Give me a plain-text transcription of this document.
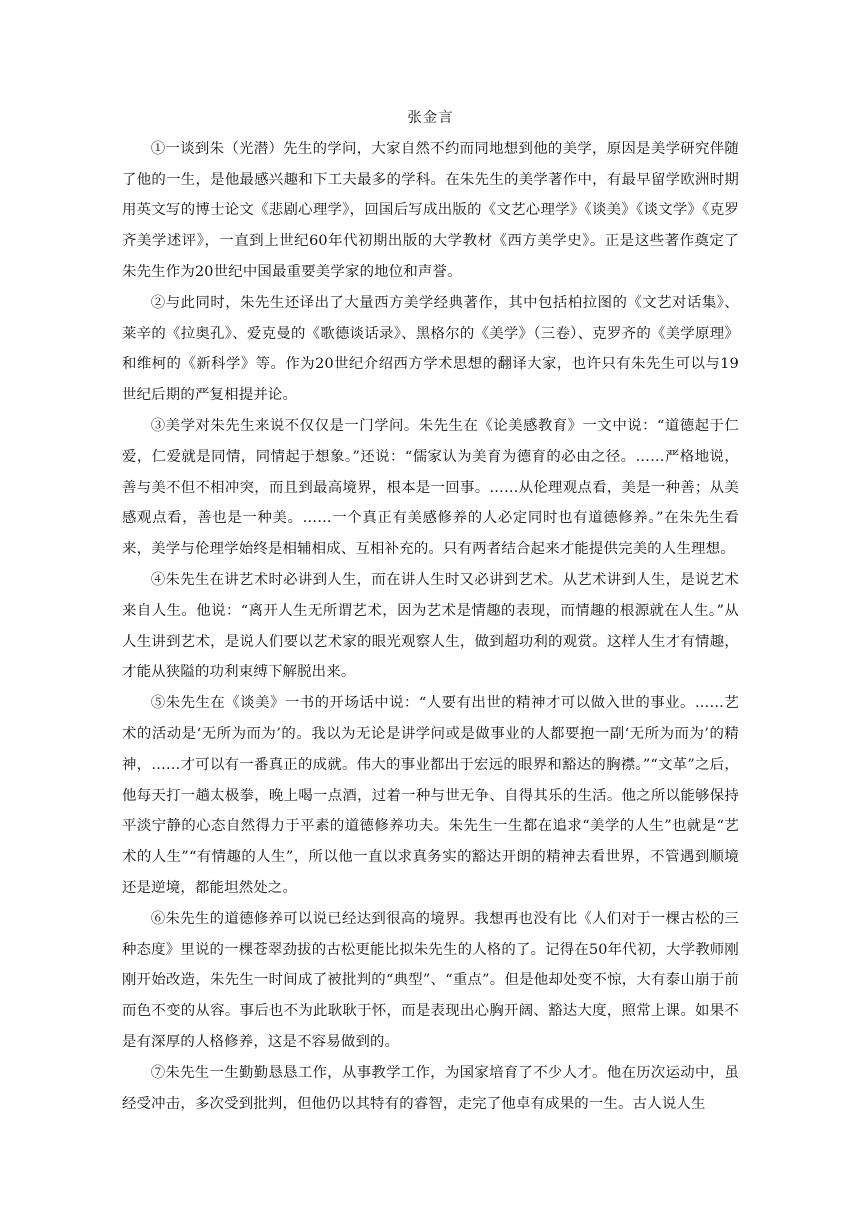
张金言

①一谈到朱（光潜）先生的学问，大家自然不约而同地想到他的美学，原因是美学研究伴随了他的一生，是他最感兴趣和下工夫最多的学科。在朱先生的美学著作中，有最早留学欧洲时期用英文写的博士论文《悲剧心理学》，回国后写成出版的《文艺心理学》《谈美》《谈文学》《克罗齐美学述评》，一直到上世纪60年代初期出版的大学教材《西方美学史》。正是这些著作奠定了朱先生作为20世纪中国最重要美学家的地位和声誉。

②与此同时，朱先生还译出了大量西方美学经典著作，其中包括柏拉图的《文艺对话集》、莱辛的《拉奥孔》、爱克曼的《歌德谈话录》、黑格尔的《美学》（三卷）、克罗齐的《美学原理》和维柯的《新科学》等。作为20世纪介绍西方学术思想的翻译大家，也许只有朱先生可以与19世纪后期的严复相提并论。

③美学对朱先生来说不仅仅是一门学问。朱先生在《论美感教育》一文中说：“道德起于仁爱，仁爱就是同情，同情起于想象。”还说：“儒家认为美育为德育的必由之径。……严格地说，善与美不但不相冲突，而且到最高境界，根本是一回事。……从伦理观点看，美是一种善；从美感观点看，善也是一种美。……一个真正有美感修养的人必定同时也有道德修养。”在朱先生看来，美学与伦理学始终是相辅相成、互相补充的。只有两者结合起来才能提供完美的人生理想。

④朱先生在讲艺术时必讲到人生，而在讲人生时又必讲到艺术。从艺术讲到人生，是说艺术来自人生。他说：“离开人生无所谓艺术，因为艺术是情趣的表现，而情趣的根源就在人生。”从人生讲到艺术，是说人们要以艺术家的眼光观察人生，做到超功利的观赏。这样人生才有情趣，才能从狭隘的功利束缚下解脱出来。

⑤朱先生在《谈美》一书的开场话中说：“人要有出世的精神才可以做入世的事业。……艺术的活动是‘无所为而为’的。我以为无论是讲学问或是做事业的人都要抱一副‘无所为而为’的精神，……才可以有一番真正的成就。伟大的事业都出于宏远的眼界和豁达的胸襟。”“文革”之后，他每天打一趟太极拳，晚上喝一点酒，过着一种与世无争、自得其乐的生活。他之所以能够保持平淡宁静的心态自然得力于平素的道德修养功夫。朱先生一生都在追求“美学的人生”也就是“艺术的人生”“有情趣的人生”，所以他一直以求真务实的豁达开朗的精神去看世界，不管遇到顺境还是逆境，都能坦然处之。

⑥朱先生的道德修养可以说已经达到很高的境界。我想再也没有比《人们对于一棵古松的三种态度》里说的一棵苍翠劲拔的古松更能比拟朱先生的人格的了。记得在50年代初，大学教师刚刚开始改造，朱先生一时间成了被批判的“典型”、“重点”。但是他却处变不惊，大有泰山崩于前而色不变的从容。事后也不为此耿耿于怀，而是表现出心胸开阔、豁达大度，照常上课。如果不是有深厚的人格修养，这是不容易做到的。

⑦朱先生一生勤勤恳恳工作，从事教学工作，为国家培育了不少人才。他在历次运动中，虽经受冲击，多次受到批判，但他仍以其特有的睿智，走完了他卓有成果的一生。古人说人生
